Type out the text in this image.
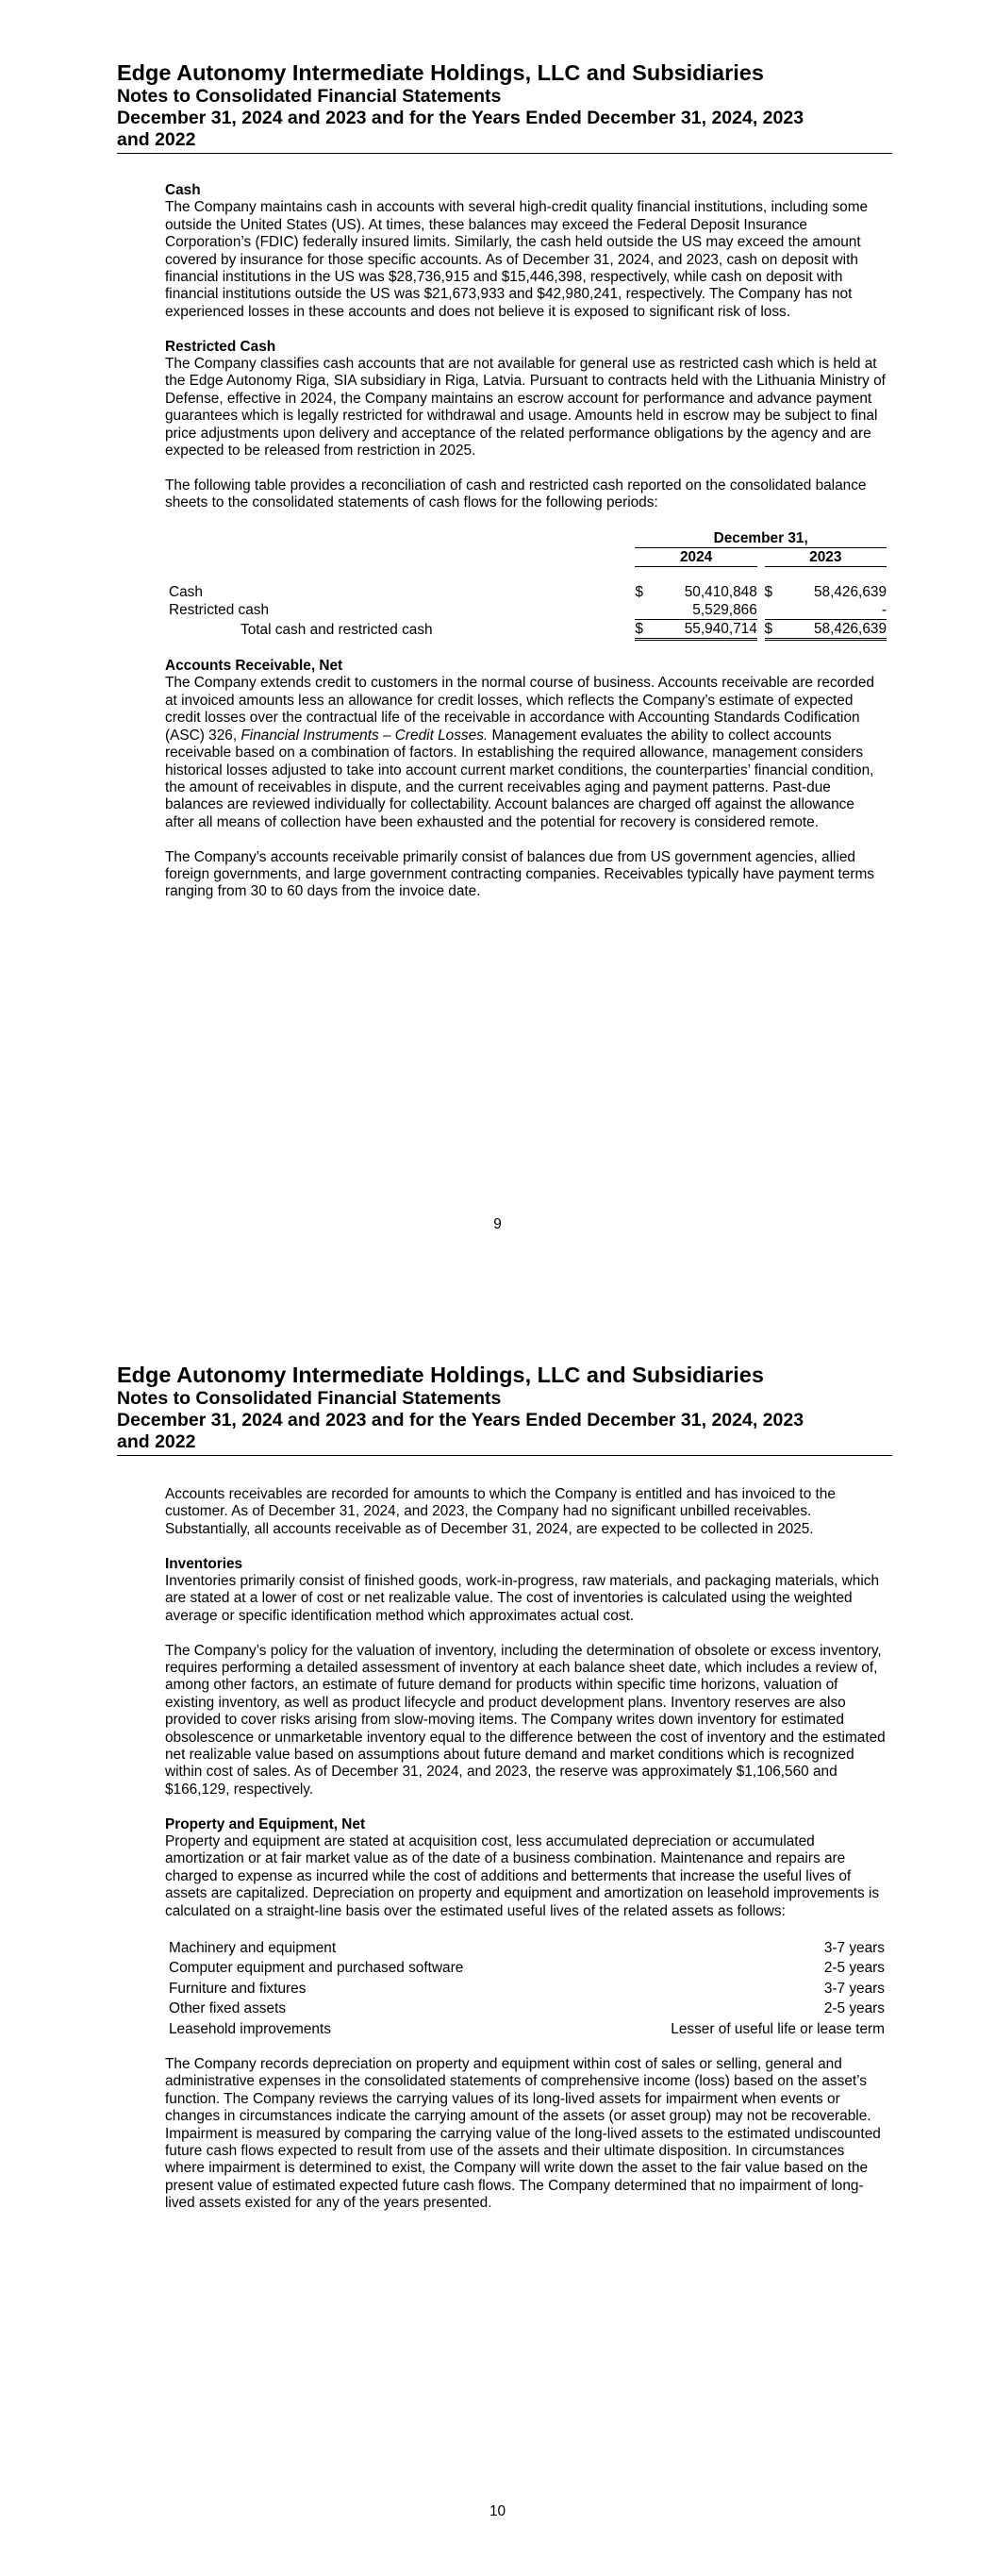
Edge Autonomy Intermediate Holdings, LLC and Subsidiaries
Notes to Consolidated Financial Statements
December 31, 2024 and 2023 and for the Years Ended December 31, 2024, 2023
and 2022
Cash

The Company maintains cash in accounts with several high-credit quality financial institutions, including some outside the United States (US). At times, these balances may exceed the Federal Deposit Insurance Corporation’s (FDIC) federally insured limits. Similarly, the cash held outside the US may exceed the amount covered by insurance for those specific accounts. As of December 31, 2024, and 2023, cash on deposit with financial institutions in the US was $28,736,915 and $15,446,398, respectively, while cash on deposit with financial institutions outside the US was $21,673,933 and $42,980,241, respectively. The Company has not experienced losses in these accounts and does not believe it is exposed to significant risk of loss.

Restricted Cash

The Company classifies cash accounts that are not available for general use as restricted cash which is held at the Edge Autonomy Riga, SIA subsidiary in Riga, Latvia. Pursuant to contracts held with the Lithuania Ministry of Defense, effective in 2024, the Company maintains an escrow account for performance and advance payment guarantees which is legally restricted for withdrawal and usage. Amounts held in escrow may be subject to final price adjustments upon delivery and acceptance of the related performance obligations by the agency and are expected to be released from restriction in 2025.

The following table provides a reconciliation of cash and restricted cash reported on the consolidated balance sheets to the consolidated statements of cash flows for the following periods:

	December 31,				
	2024			2023	

Cash	$	50,410,848		$	58,426,639
Restricted cash		5,529,866			-
Total cash and restricted cash	$	55,940,714		$	58,426,639
Accounts Receivable, Net

The Company extends credit to customers in the normal course of business. Accounts receivable are recorded at invoiced amounts less an allowance for credit losses, which reflects the Company’s estimate of expected credit losses over the contractual life of the receivable in accordance with Accounting Standards Codification (ASC) 326, Financial Instruments – Credit Losses. Management evaluates the ability to collect accounts receivable based on a combination of factors. In establishing the required allowance, management considers historical losses adjusted to take into account current market conditions, the counterparties’ financial condition, the amount of receivables in dispute, and the current receivables aging and payment patterns. Past-due balances are reviewed individually for collectability. Account balances are charged off against the allowance after all means of collection have been exhausted and the potential for recovery is considered remote.

The Company’s accounts receivable primarily consist of balances due from US government agencies, allied foreign governments, and large government contracting companies. Receivables typically have payment terms ranging from 30 to 60 days from the invoice date.

9
Edge Autonomy Intermediate Holdings, LLC and Subsidiaries
Notes to Consolidated Financial Statements
December 31, 2024 and 2023 and for the Years Ended December 31, 2024, 2023
and 2022

Accounts receivables are recorded for amounts to which the Company is entitled and has invoiced to the customer. As of December 31, 2024, and 2023, the Company had no significant unbilled receivables. Substantially, all accounts receivable as of December 31, 2024, are expected to be collected in 2025.

Inventories

Inventories primarily consist of finished goods, work-in-progress, raw materials, and packaging materials, which are stated at a lower of cost or net realizable value. The cost of inventories is calculated using the weighted average or specific identification method which approximates actual cost.

The Company’s policy for the valuation of inventory, including the determination of obsolete or excess inventory, requires performing a detailed assessment of inventory at each balance sheet date, which includes a review of, among other factors, an estimate of future demand for products within specific time horizons, valuation of existing inventory, as well as product lifecycle and product development plans. Inventory reserves are also provided to cover risks arising from slow-moving items. The Company writes down inventory for estimated obsolescence or unmarketable inventory equal to the difference between the cost of inventory and the estimated net realizable value based on assumptions about future demand and market conditions which is recognized within cost of sales. As of December 31, 2024, and 2023, the reserve was approximately $1,106,560 and $166,129, respectively.

Property and Equipment, Net

Property and equipment are stated at acquisition cost, less accumulated depreciation or accumulated amortization or at fair market value as of the date of a business combination. Maintenance and repairs are charged to expense as incurred while the cost of additions and betterments that increase the useful lives of assets are capitalized. Depreciation on property and equipment and amortization on leasehold improvements is calculated on a straight-line basis over the estimated useful lives of the related assets as follows:

Machinery and equipment	3-7 years
Computer equipment and purchased software	2-5 years
Furniture and fixtures	3-7 years
Other fixed assets	2-5 years
Leasehold improvements	Lesser of useful life or lease term

The Company records depreciation on property and equipment within cost of sales or selling, general and administrative expenses in the consolidated statements of comprehensive income (loss) based on the asset’s function. The Company reviews the carrying values of its long-lived assets for impairment when events or changes in circumstances indicate the carrying amount of the assets (or asset group) may not be recoverable. Impairment is measured by comparing the carrying value of the long-lived assets to the estimated undiscounted future cash flows expected to result from use of the assets and their ultimate disposition. In circumstances where impairment is determined to exist, the Company will write down the asset to the fair value based on the present value of estimated expected future cash flows. The Company determined that no impairment of long-lived assets existed for any of the years presented.

10
